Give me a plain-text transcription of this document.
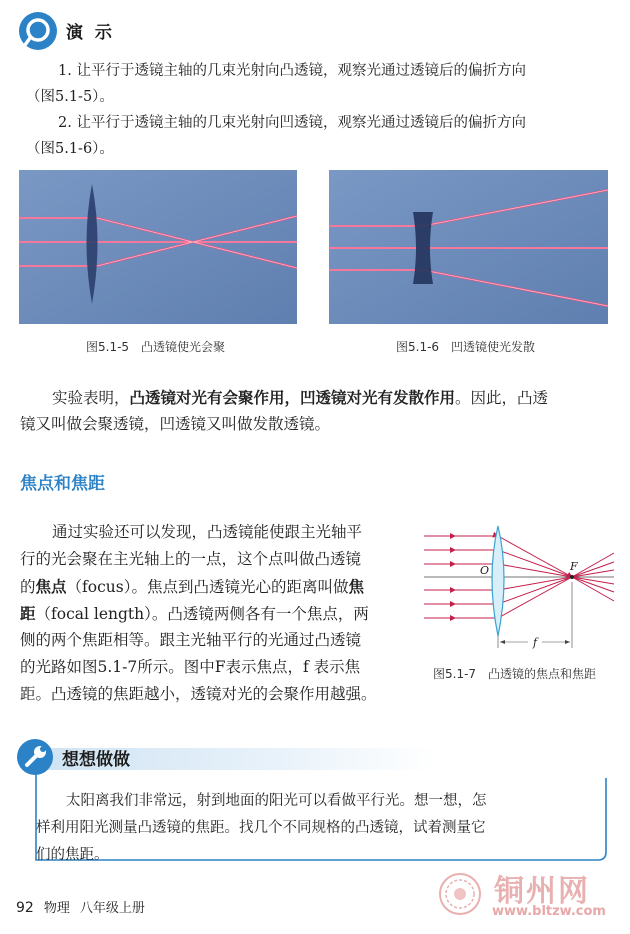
演 示
1. 让平行于透镜主轴的几束光射向凸透镜，观察光通过透镜后的偏折方向
（图5.1-5）。
2. 让平行于透镜主轴的几束光射向凹透镜，观察光通过透镜后的偏折方向
（图5.1-6）。
图5.1-5　凸透镜使光会聚	图5.1-6　凹透镜使光发散
实验表明，凸透镜对光有会聚作用，凹透镜对光有发散作用。因此，凸透
镜又叫做会聚透镜，凹透镜又叫做发散透镜。
焦点和焦距
通过实验还可以发现，凸透镜能使跟主光轴平
行的光会聚在主光轴上的一点，这个点叫做凸透镜
的焦点（focus）。焦点到凸透镜光心的距离叫做焦
距（focal length）。凸透镜两侧各有一个焦点，两
侧的两个焦距相等。跟主光轴平行的光通过凸透镜
的光路如图5.1-7所示。图中F表示焦点，f 表示焦
距。凸透镜的焦距越小，透镜对光的会聚作用越强。
f
O	F
图5.1-7　凸透镜的焦点和焦距
想想做做
太阳离我们非常远，射到地面的阳光可以看做平行光。想一想，怎
样利用阳光测量凸透镜的焦距。找几个不同规格的凸透镜，试着测量它
们的焦距。
92 物理 八年级上册	铜州网
www.bltzw.com
